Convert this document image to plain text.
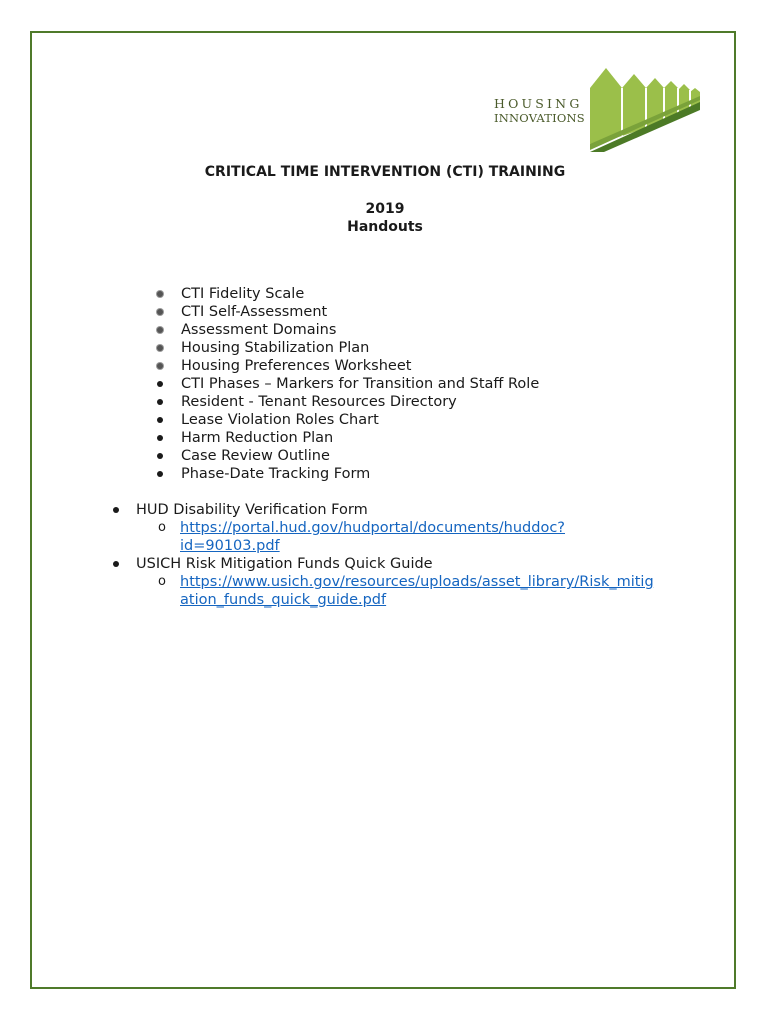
HOUSING
INNOVATIONS
CRITICAL TIME INTERVENTION (CTI) TRAINING
2019
Handouts
CTI Fidelity Scale
CTI Self-Assessment
Assessment Domains
Housing Stabilization Plan
Housing Preferences Worksheet
CTI Phases – Markers for Transition and Staff Role
Resident - Tenant Resources Directory
Lease Violation Roles Chart
Harm Reduction Plan
Case Review Outline
Phase-Date Tracking Form
HUD Disability Verification Form
o https://portal.hud.gov/hudportal/documents/huddoc?
id=90103.pdf
USICH Risk Mitigation Funds Quick Guide
o https://www.usich.gov/resources/uploads/asset_library/Risk_mitig
ation_funds_quick_guide.pdf
